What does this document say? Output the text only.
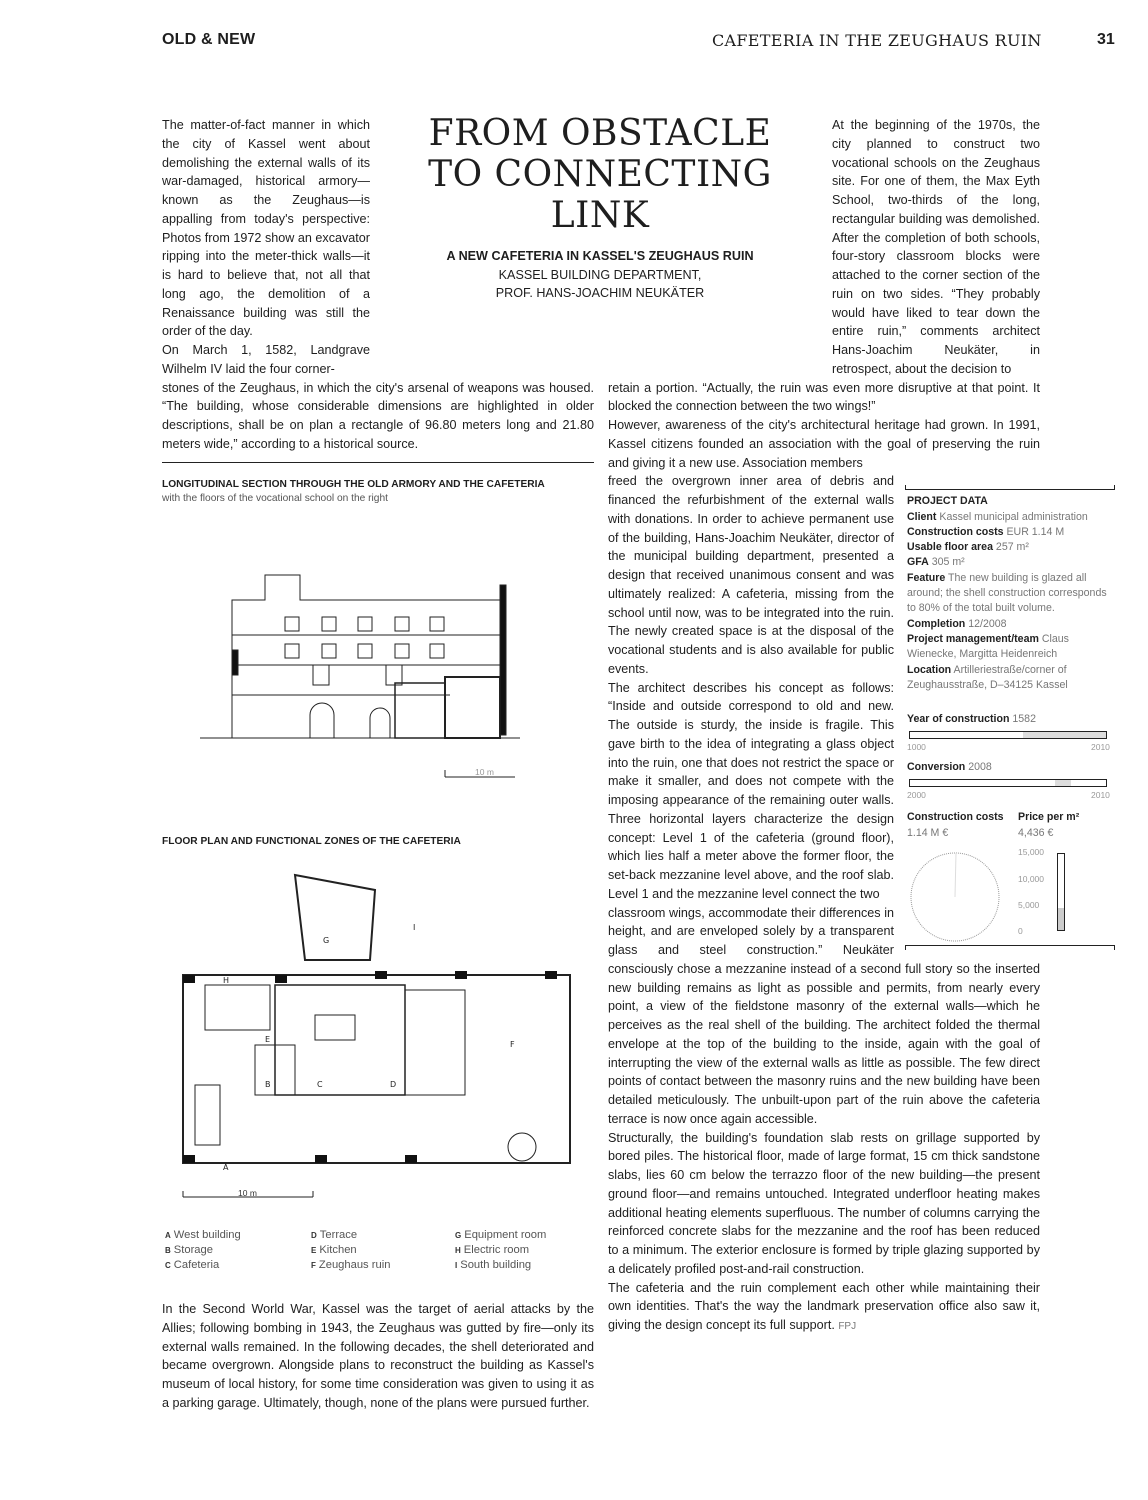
OLD & NEW	CAFETERIA IN THE ZEUGHAUS RUIN	31

The matter-of-fact manner in which the city of Kassel went about demolishing the external walls of its war-damaged, historical armory—known as the Zeughaus—is appalling from today's perspective: Photos from 1972 show an excavator ripping into the meter-thick walls—it is hard to believe that, not all that long ago, the demolition of a Renaissance building was still the order of the day.

On March 1, 1582, Landgrave Wilhelm IV laid the four corner-

stones of the Zeughaus, in which the city's arsenal of weapons was housed. “The building, whose considerable dimensions are highlighted in older descriptions, shall be on plan a rectangle of 96.80 meters long and 21.80 meters wide,” according to a historical source.
LONGITUDINAL SECTION THROUGH THE OLD ARMORY AND THE CAFETERIA
with the floors of the vocational school on the right
FROM OBSTACLE
TO CONNECTING
LINK
A NEW CAFETERIA IN KASSEL'S ZEUGHAUS RUIN
KASSEL BUILDING DEPARTMENT,
PROF. HANS-JOACHIM NEUKÄTER
10 m
FLOOR PLAN AND FUNCTIONAL ZONES OF THE CAFETERIA
A
B	C	D
E
F
G
H
I
10 m
A West building
B Storage
C Cafeteria
D Terrace
E Kitchen
F Zeughaus ruin
G Equipment room
H Electric room
I South building
In the Second World War, Kassel was the target of aerial attacks by the Allies; following bombing in 1943, the Zeughaus was gutted by fire—only its external walls remained. In the following decades, the shell deteriorated and became overgrown. Alongside plans to reconstruct the building as Kassel's museum of local history, for some time consideration was given to using it as a parking garage. Ultimately, though, none of the plans were pursued further.
At the beginning of the 1970s, the city planned to construct two vocational schools on the Zeughaus site. For one of them, the Max Eyth School, two-thirds of the long, rectangular building was demolished. After the completion of both schools, four-story classroom blocks were attached to the corner section of the ruin on two sides. “They probably would have liked to tear down the entire ruin,” comments architect Hans-Joachim Neukäter, in retrospect, about the decision to

retain a portion. “Actually, the ruin was even more disruptive at that point. It blocked the connection between the two wings!”

However, awareness of the city's architectural heritage had grown. In 1991, Kassel citizens founded an association with the goal of preserving the ruin and giving it a new use. Association members

PROJECT DATA
Client Kassel municipal administration
Construction costs EUR 1.14 M
Usable floor area 257 m²
GFA 305 m²
Feature The new building is glazed all around; the shell construction corresponds to 80% of the total built volume.
Completion 12/2008
Project management/team Claus Wienecke, Margitta Heidenreich
Location Artilleriestraße/corner of Zeughausstraße, D–34125 Kassel
Year of construction 1582
1000	2010
Conversion 2008
2000	2010
Construction costs
1.14 M €
Price per m²
4,436 €
15,000
10,000
5,000
0

freed the overgrown inner area of debris and financed the refurbishment of the external walls with donations. In order to achieve permanent use of the building, Hans-Joachim Neukäter, director of the municipal building department, presented a design that received unanimous consent and was ultimately realized: A cafeteria, missing from the school until now, was to be integrated into the ruin. The newly created space is at the disposal of the vocational students and is also available for public events.

The architect describes his concept as follows: “Inside and outside correspond to old and new. The outside is sturdy, the inside is fragile. This gave birth to the idea of integrating a glass object into the ruin, one that does not restrict the space or make it smaller, and does not compete with the imposing appearance of the remaining outer walls. Three horizontal layers characterize the design concept: Level 1 of the cafeteria (ground floor), which lies half a meter above the former floor, the set-back mezzanine level above, and the roof slab. Level 1 and the mezzanine level connect the two

classroom wings, accommodate their differences in height, and are enveloped solely by a transparent glass and steel construction.” Neukäter consciously chose a mezzanine instead of a second full story so the inserted new building remains as light as possible and permits, from nearly every point, a view of the fieldstone masonry of the external walls—which he perceives as the real shell of the building. The architect folded the thermal envelope at the top of the building to the inside, again with the goal of interrupting the view of the external walls as little as possible. The few direct points of contact between the masonry ruins and the new building have been detailed meticulously. The unbuilt-upon part of the ruin above the cafeteria terrace is now once again accessible.

Structurally, the building's foundation slab rests on grillage supported by bored piles. The historical floor, made of large format, 15 cm thick sandstone slabs, lies 60 cm below the terrazzo floor of the new building—the present ground floor—and remains untouched. Integrated underfloor heating makes additional heating elements superfluous. The number of columns carrying the reinforced concrete slabs for the mezzanine and the roof has been reduced to a minimum. The exterior enclosure is formed by triple glazing supported by a delicately profiled post-and-rail construction.

The cafeteria and the ruin complement each other while maintaining their own identities. That's the way the landmark preservation office also saw it, giving the design concept its full support. FPJ
